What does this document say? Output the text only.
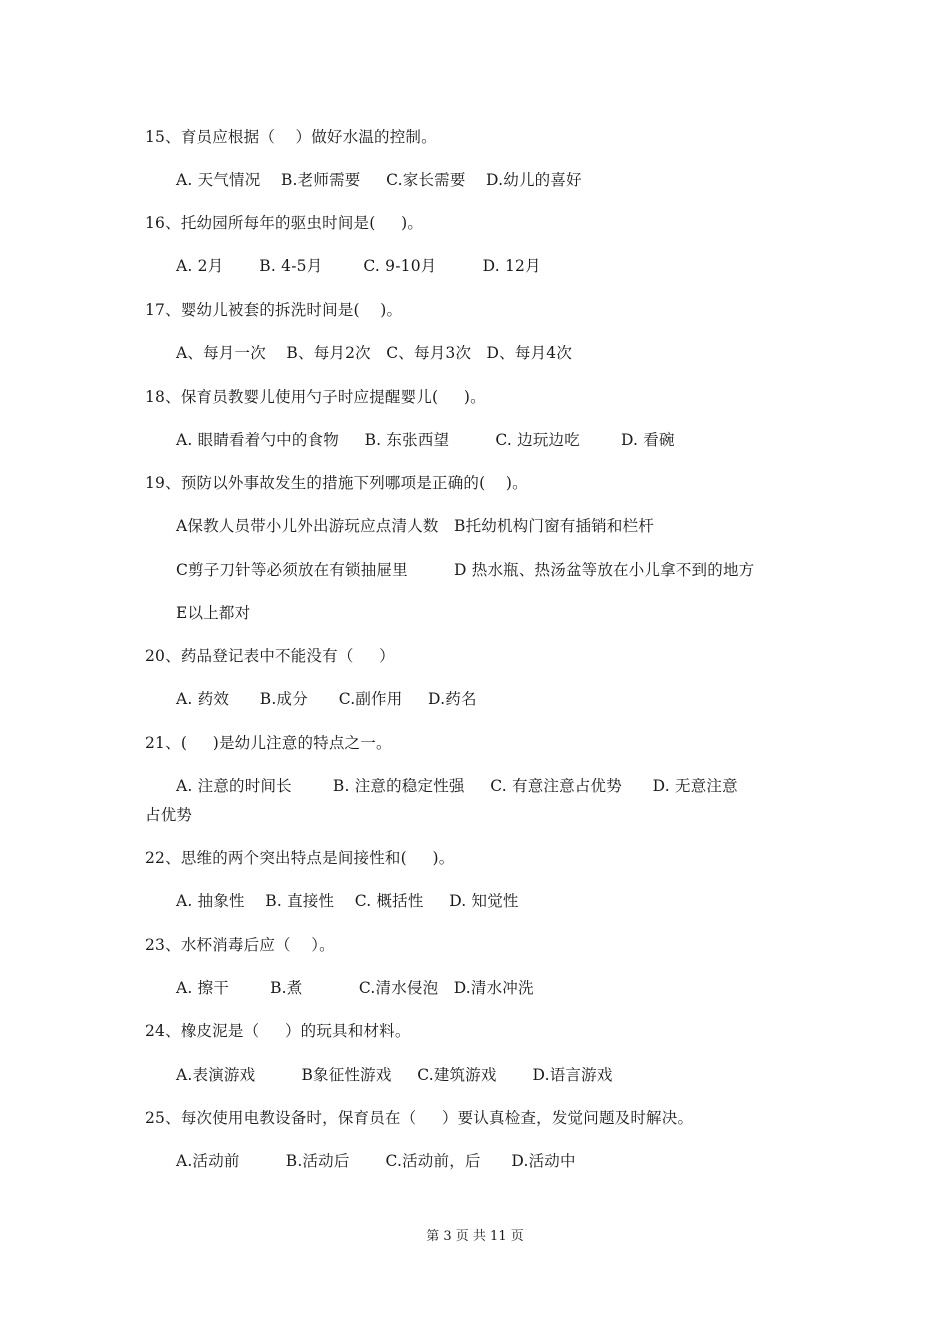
15、育员应根据（    ）做好水温的控制。
A. 天气情况    B.老师需要     C.家长需要    D.幼儿的喜好
16、托幼园所每年的驱虫时间是(     )。
A. 2月       B. 4-5月        C. 9-10月         D. 12月
17、婴幼儿被套的拆洗时间是(    )。
A、每月一次    B、每月2次   C、每月3次   D、每月4次
18、保育员教婴儿使用勺子时应提醒婴儿(     )。
A. 眼睛看着勺中的食物     B. 东张西望         C. 边玩边吃        D. 看碗
19、预防以外事故发生的措施下列哪项是正确的(    )。
A保教人员带小儿外出游玩应点清人数   B托幼机构门窗有插销和栏杆
C剪子刀针等必须放在有锁抽屉里         D 热水瓶、热汤盆等放在小儿拿不到的地方
E以上都对
20、药品登记表中不能没有（     ）
A. 药效      B.成分      C.副作用     D.药名
21、(     )是幼儿注意的特点之一。
A. 注意的时间长        B. 注意的稳定性强     C. 有意注意占优势      D. 无意注意
占优势
22、思维的两个突出特点是间接性和(     )。
A. 抽象性    B. 直接性    C. 概括性     D. 知觉性
23、水杯消毒后应（    ）。
A. 擦干        B.煮           C.清水侵泡   D.清水冲洗
24、橡皮泥是（     ）的玩具和材料。
A.表演游戏         B象征性游戏     C.建筑游戏       D.语言游戏
25、每次使用电教设备时，保育员在（     ）要认真检查，发觉问题及时解决。
A.活动前         B.活动后       C.活动前，后      D.活动中
第 3 页 共 11 页
